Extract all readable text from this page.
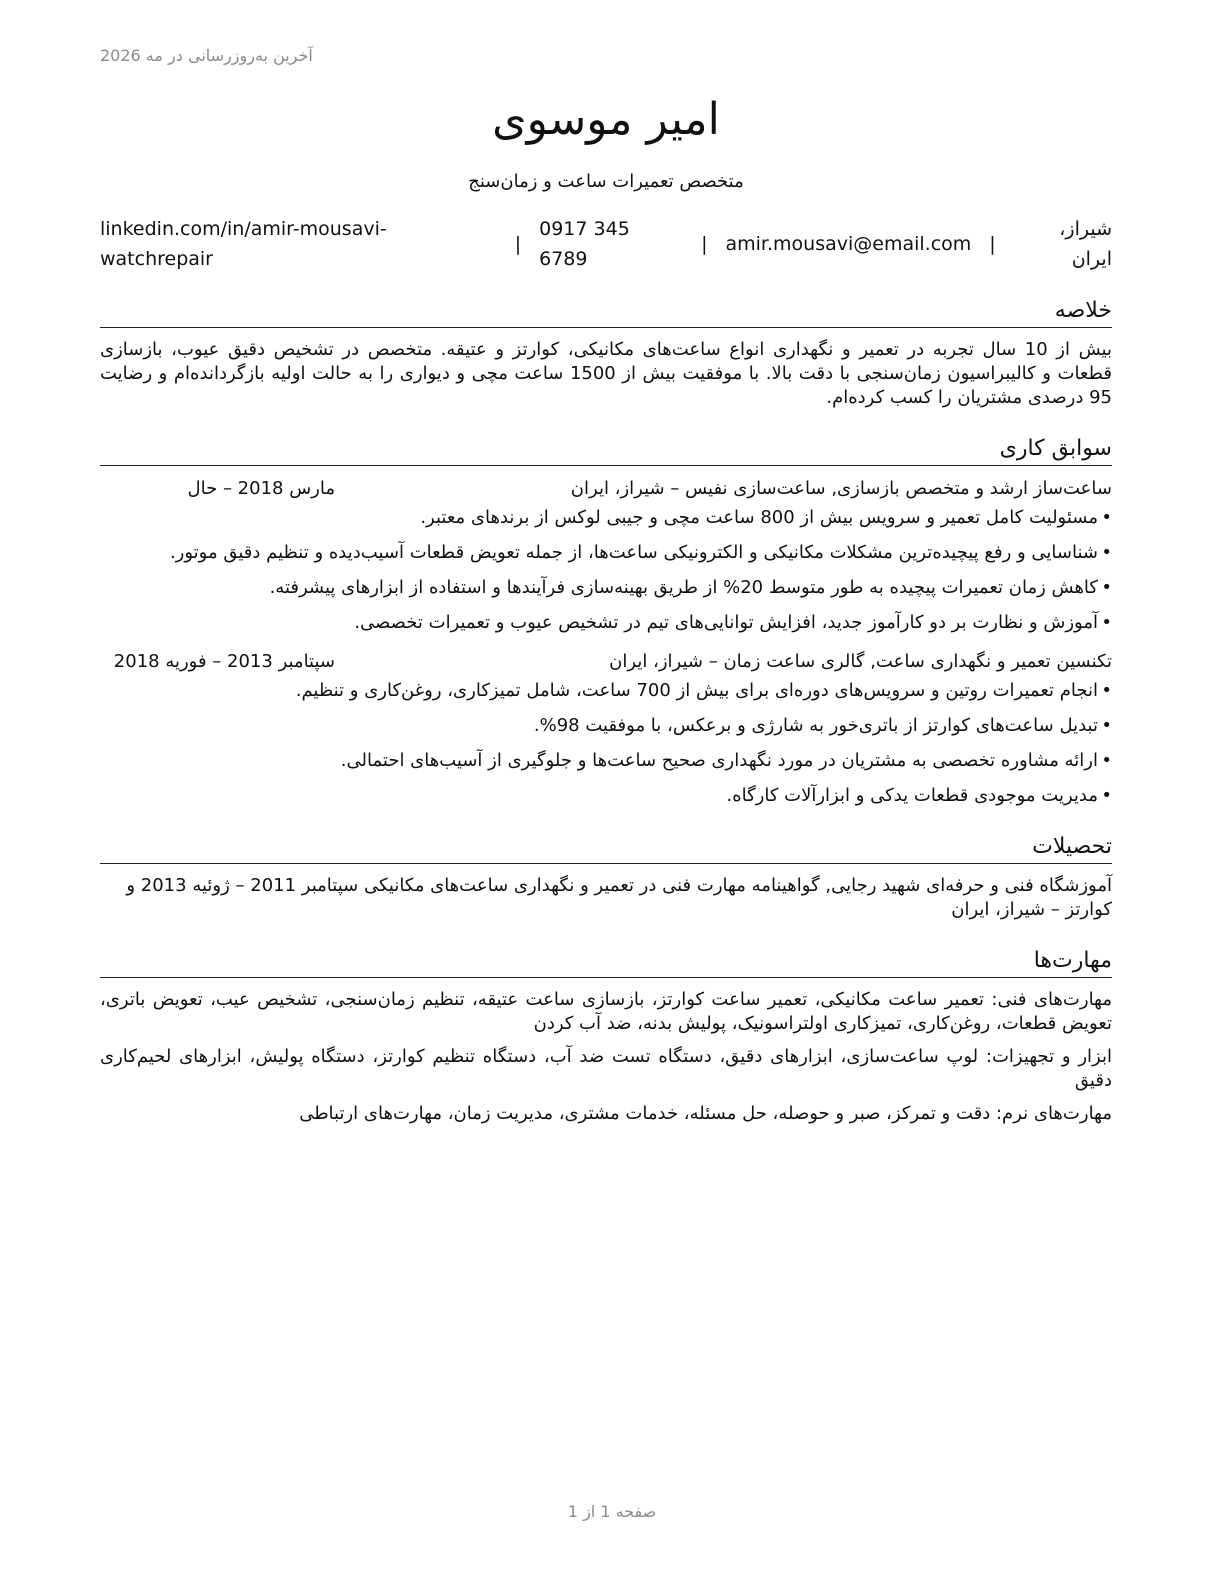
آخرین به‌روزرسانی در مه 2026
امیر موسوی
متخصص تعمیرات ساعت و زمان‌سنج
شیراز، ایران
|
amir.mousavi@email.com
|
0917 345 6789
|
linkedin.com/in/amir-mousavi-watchrepair
خلاصه
بیش از 10 سال تجربه در تعمیر و نگهداری انواع ساعت‌های مکانیکی، کوارتز و عتیقه. متخصص در تشخیص دقیق عیوب، بازسازی قطعات و کالیبراسیون زمان‌سنجی با دقت بالا. با موفقیت بیش از 1500 ساعت مچی و دیواری را به حالت اولیه بازگردانده‌ام و رضایت 95 درصدی مشتریان را کسب کرده‌ام.
سوابق کاری
ساعت‌ساز ارشد و متخصص بازسازی, ساعت‌سازی نفیس – شیراز، ایران
مارس 2018 – حال
•مسئولیت کامل تعمیر و سرویس بیش از 800 ساعت مچی و جیبی لوکس از برندهای معتبر.
•شناسایی و رفع پیچیده‌ترین مشکلات مکانیکی و الکترونیکی ساعت‌ها، از جمله تعویض قطعات آسیب‌دیده و تنظیم دقیق موتور.
•کاهش زمان تعمیرات پیچیده به طور متوسط 20% از طریق بهینه‌سازی فرآیندها و استفاده از ابزارهای پیشرفته.
•آموزش و نظارت بر دو کارآموز جدید، افزایش توانایی‌های تیم در تشخیص عیوب و تعمیرات تخصصی.
تکنسین تعمیر و نگهداری ساعت, گالری ساعت زمان – شیراز، ایران
سپتامبر 2013 – فوریه 2018
•انجام تعمیرات روتین و سرویس‌های دوره‌ای برای بیش از 700 ساعت، شامل تمیزکاری، روغن‌کاری و تنظیم.
•تبدیل ساعت‌های کوارتز از باتری‌خور به شارژی و برعکس، با موفقیت 98%.
•ارائه مشاوره تخصصی به مشتریان در مورد نگهداری صحیح ساعت‌ها و جلوگیری از آسیب‌های احتمالی.
•مدیریت موجودی قطعات یدکی و ابزارآلات کارگاه.
تحصیلات
آموزشگاه فنی و حرفه‌ای شهید رجایی, گواهینامه مهارت فنی در تعمیر و نگهداری ساعت‌های مکانیکی سپتامبر 2011 – ژوئیه 2013 و کوارتز – شیراز، ایران
مهارت‌ها
مهارت‌های فنی: تعمیر ساعت مکانیکی، تعمیر ساعت کوارتز، بازسازی ساعت عتیقه، تنظیم زمان‌سنجی، تشخیص عیب، تعویض باتری، تعویض قطعات، روغن‌کاری، تمیزکاری اولتراسونیک، پولیش بدنه، ضد آب کردن
ابزار و تجهیزات: لوپ ساعت‌سازی، ابزارهای دقیق، دستگاه تست ضد آب، دستگاه تنظیم کوارتز، دستگاه پولیش، ابزارهای لحیم‌کاری دقیق
مهارت‌های نرم: دقت و تمرکز، صبر و حوصله، حل مسئله، خدمات مشتری، مدیریت زمان، مهارت‌های ارتباطی
صفحه 1 از 1
